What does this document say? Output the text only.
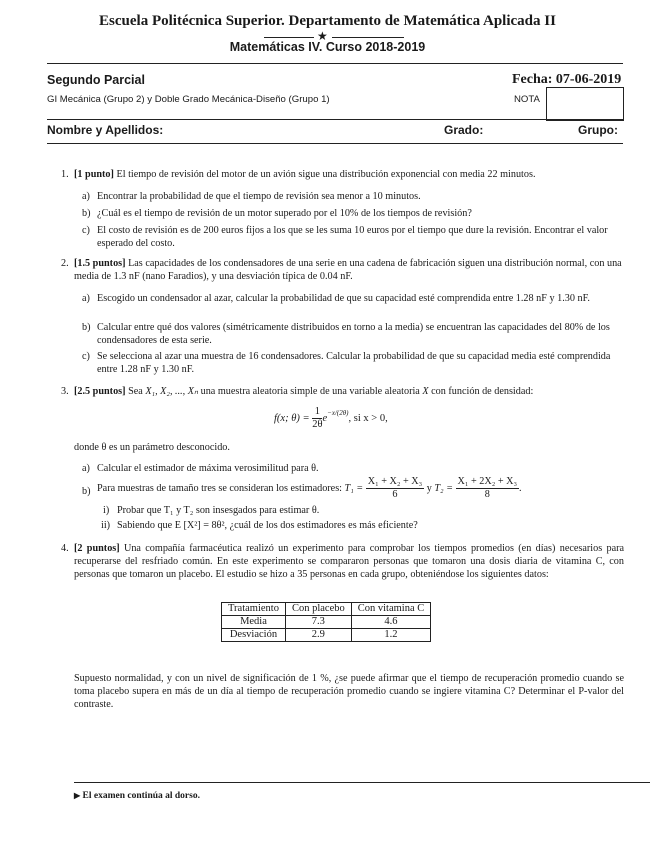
Escuela Politécnica Superior. Departamento de Matemática Aplicada II
★
Matemáticas IV. Curso 2018-2019
Segundo Parcial	Fecha: 07-06-2019
GI Mecánica (Grupo 2) y Doble Grado Mecánica-Diseño (Grupo 1)	NOTA
Nombre y Apellidos:	Grado:	Grupo:
1. [1 punto] El tiempo de revisión del motor de un avión sigue una distribución exponencial con media 22 minutos.
a) Encontrar la probabilidad de que el tiempo de revisión sea menor a 10 minutos.
b) ¿Cuál es el tiempo de revisión de un motor superado por el 10% de los tiempos de revisión?
c) El costo de revisión es de 200 euros fijos a los que se les suma 10 euros por el tiempo que dure la revisión. Encontrar el valor esperado del costo.
2. [1.5 puntos] Las capacidades de los condensadores de una serie en una cadena de fabricación siguen una distribución normal, con una media de 1.3 nF (nano Faradios), y una desviación típica de 0.04 nF.
a) Escogido un condensador al azar, calcular la probabilidad de que su capacidad esté comprendida entre 1.28 nF y 1.30 nF.
b) Calcular entre qué dos valores (simétricamente distribuidos en torno a la media) se encuentran las capacidades del 80% de los condensadores de esta serie.
c) Se selecciona al azar una muestra de 16 condensadores. Calcular la probabilidad de que su capacidad media esté comprendida entre 1.28 nF y 1.30 nF.
3. [2.5 puntos] Sea X₁, X₂, ..., Xₙ una muestra aleatoria simple de una variable aleatoria X con función de densidad:
f(x; $\theta) = \frac{1}{2\theta} e^{-x/(2\theta)}$, si x > 0,
donde θ es un parámetro desconocido.
a) Calcular el estimador de máxima verosimilitud para θ.
b) Para muestras de tamaño tres se consideran los estimadores: $T_1 = \frac{\text{X₁ + X₂ + X₃}}{6}$ y $T_2 = \frac{\text{X₁ + 2X₂ + X₃}}{8}$ .
i) Probar que T₁ y T₂ son insesgados para estimar θ.
ii) Sabiendo que E [X²] = 8θ², ¿cuál de los dos estimadores es más eficiente?
4. [2 puntos] Una compañía farmacéutica realizó un experimento para comprobar los tiempos promedios (en días) necesarios para recuperarse del resfriado común. En este experimento se compararon personas que tomaron una dosis diaria de vitamina C, con personas que tomaron un placebo. El estudio se hizo a 35 personas en cada grupo, obteniéndose los siguientes datos:
Tratamiento	Con placebo	Con vitamina C
Media	7.3	4.6
Desviación	2.9	1.2
Supuesto normalidad, y con un nivel de significación de 1 %, ¿se puede afirmar que el tiempo de recuperación promedio cuando se toma placebo supera en más de un día al tiempo de recuperación promedio cuando se ingiere vitamina C? Determinar el P-valor del contraste.
▶ El examen continúa al dorso.
